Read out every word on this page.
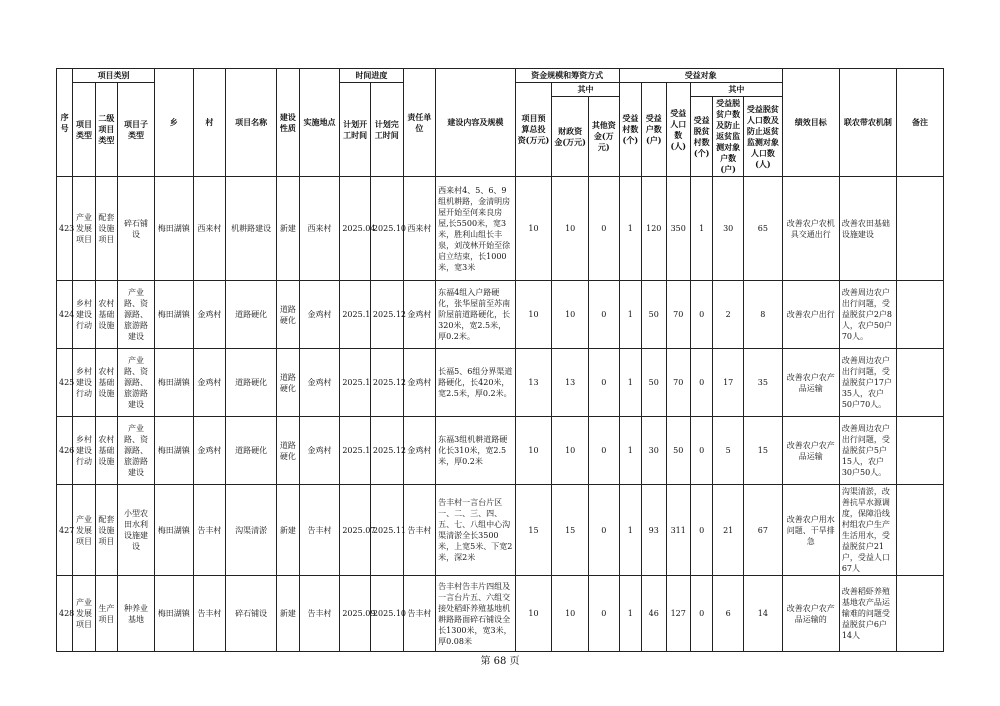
序号	项目类别			乡	村	项目名称	建设性质	实施地点	时间进度		责任单位	建设内容及规模	资金规模和筹资方式			受益对象						绩效目标	联农带农机制	备注
	项目类型	二级项目类型	项目子类型						计划开工时间	计划完工时间			项目预算总投资(万元)	其中		受益村数(个)	受益户数(户)	受益人口数(人)	其中					
														财政资金(万元)	其他资金(万元)				受益脱贫村数(个)	受益脱贫户数及防止返贫监测对象户数(户)	受益脱贫人口数及防止返贫监测对象人口数(人)			
423	产业发展项目	配套设施项目	碎石铺设	梅田湖镇	西来村	机耕路建设	新建	西来村	2025.04	2025.10	西来村	西来村4、5、6、9组机耕路，金清明房屋开始至何来良房屋,长5500米，宽3米，胜利山组长丰泉，刘茂林开始至徐启立结束，长1000米，宽3米	10	10	0	1	120	350	1	30	65	改善农户农机具交通出行	改善农田基础设施建设	
424	乡村建设行动	农村基础设施	产业路、资源路、旅游路建设	梅田湖镇	金鸡村	道路硬化	道路硬化	金鸡村	2025.1	2025.12	金鸡村	东福4组入户路硬化，张华屋前至苏南阶屋前道路硬化，长320米，宽2.5米，厚0.2米。	10	10	0	1	50	70	0	2	8	改善农户出行	改善周边农户出行问题，受益脱贫户2户8人，农户50户70人。	
425	乡村建设行动	农村基础设施	产业路、资源路、旅游路建设	梅田湖镇	金鸡村	道路硬化	道路硬化	金鸡村	2025.1	2025.12	金鸡村	长福5、6组分界渠道路硬化，长420米，宽2.5米，厚0.2米。	13	13	0	1	50	70	0	17	35	改善农户农产品运输	改善周边农户出行问题，受益脱贫户17户35人，农户50户70人。	
426	乡村建设行动	农村基础设施	产业路、资源路、旅游路建设	梅田湖镇	金鸡村	道路硬化	道路硬化	金鸡村	2025.1	2025.12	金鸡村	东福3组机耕道路硬化长310米，宽2.5米，厚0.2米	10	10	0	1	30	50	0	5	15	改善农户农产品运输	改善周边农户出行问题，受益脱贫户5户15人，农户30户50人。	
427	产业发展项目	配套设施项目	小型农田水利设施建设	梅田湖镇	告丰村	沟渠清淤	新建	告丰村	2025.07	2025.11	告丰村	告丰村一言台片区一、二、三、四、五、七、八组中心沟渠清淤全长3500米，上宽5米、下宽2米，深2米	15	15	0	1	93	311	0	21	67	改善农户用水问题、干旱排急	沟渠清淤，改善抗旱水源调度，保障沿线村组农户生产生活用水，受益脱贫户21户，受益人口67人	
428	产业发展项目	生产项目	种养业基地	梅田湖镇	告丰村	碎石铺设	新建	告丰村	2025.09	2025.10	告丰村	告丰村告丰片四组及一言台片五、六组交接处稻虾养殖基地机耕路路面碎石铺设全长1300米，宽3米，厚0.08米	10	10	0	1	46	127	0	6	14	改善农户农产品运输的	改善稻虾养殖基地农产品运输难的问题受益脱贫户6户14人	
第 68 页
